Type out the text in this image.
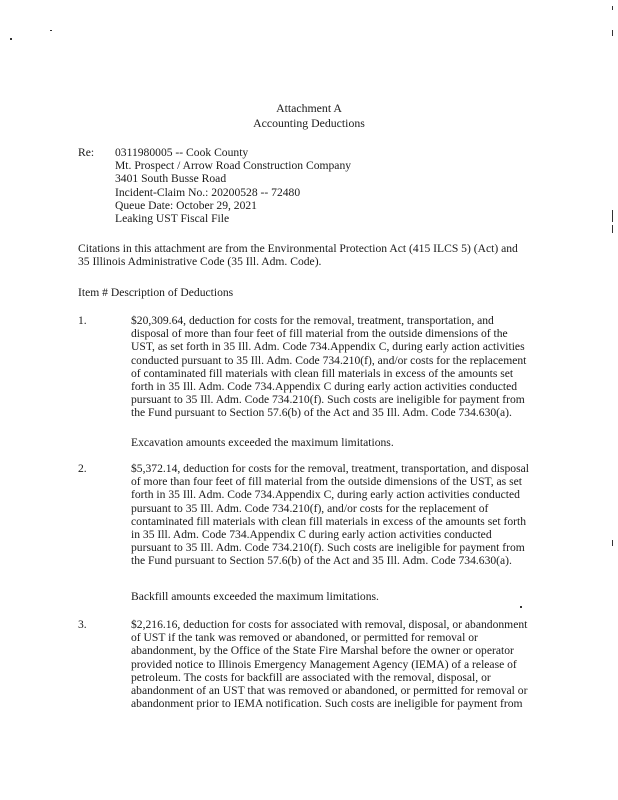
Attachment A
Accounting Deductions
Re: 0311980005 -- Cook County
Mt. Prospect / Arrow Road Construction Company
3401 South Busse Road
Incident-Claim No.: 20200528 -- 72480
Queue Date: October 29, 2021
Leaking UST Fiscal File
Citations in this attachment are from the Environmental Protection Act (415 ILCS 5) (Act) and
35 Illinois Administrative Code (35 Ill. Adm. Code).
Item # Description of Deductions
1.	$20,309.64, deduction for costs for the removal, treatment, transportation, and
disposal of more than four feet of fill material from the outside dimensions of the
UST, as set forth in 35 Ill. Adm. Code 734.Appendix C, during early action activities
conducted pursuant to 35 Ill. Adm. Code 734.210(f), and/or costs for the replacement
of contaminated fill materials with clean fill materials in excess of the amounts set
forth in 35 Ill. Adm. Code 734.Appendix C during early action activities conducted
pursuant to 35 Ill. Adm. Code 734.210(f). Such costs are ineligible for payment from
the Fund pursuant to Section 57.6(b) of the Act and 35 Ill. Adm. Code 734.630(a).
Excavation amounts exceeded the maximum limitations.
2.	$5,372.14, deduction for costs for the removal, treatment, transportation, and disposal
of more than four feet of fill material from the outside dimensions of the UST, as set
forth in 35 Ill. Adm. Code 734.Appendix C, during early action activities conducted
pursuant to 35 Ill. Adm. Code 734.210(f), and/or costs for the replacement of
contaminated fill materials with clean fill materials in excess of the amounts set forth
in 35 Ill. Adm. Code 734.Appendix C during early action activities conducted
pursuant to 35 Ill. Adm. Code 734.210(f). Such costs are ineligible for payment from
the Fund pursuant to Section 57.6(b) of the Act and 35 Ill. Adm. Code 734.630(a).
Backfill amounts exceeded the maximum limitations.
3.	$2,216.16, deduction for costs for associated with removal, disposal, or abandonment
of UST if the tank was removed or abandoned, or permitted for removal or
abandonment, by the Office of the State Fire Marshal before the owner or operator
provided notice to Illinois Emergency Management Agency (IEMA) of a release of
petroleum. The costs for backfill are associated with the removal, disposal, or
abandonment of an UST that was removed or abandoned, or permitted for removal or
abandonment prior to IEMA notification. Such costs are ineligible for payment from
